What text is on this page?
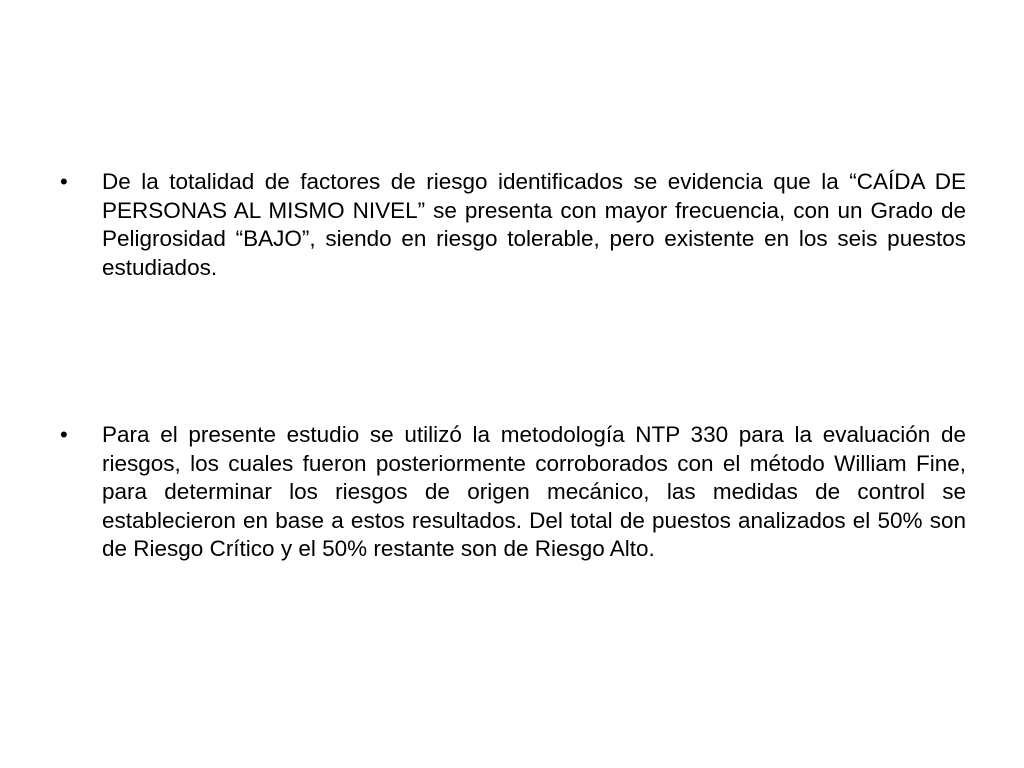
• De la totalidad de factores de riesgo identificados se evidencia que la “CAÍDA DE PERSONAS AL MISMO NIVEL” se presenta con mayor frecuencia, con un Grado de Peligrosidad “BAJO”, siendo en riesgo tolerable, pero existente en los seis puestos estudiados.
• Para el presente estudio se utilizó la metodología NTP 330 para la evaluación de riesgos, los cuales fueron posteriormente corroborados con el método William Fine, para determinar los riesgos de origen mecánico, las medidas de control se establecieron en base a estos resultados. Del total de puestos analizados el 50% son de Riesgo Crítico y el 50% restante son de Riesgo Alto.
